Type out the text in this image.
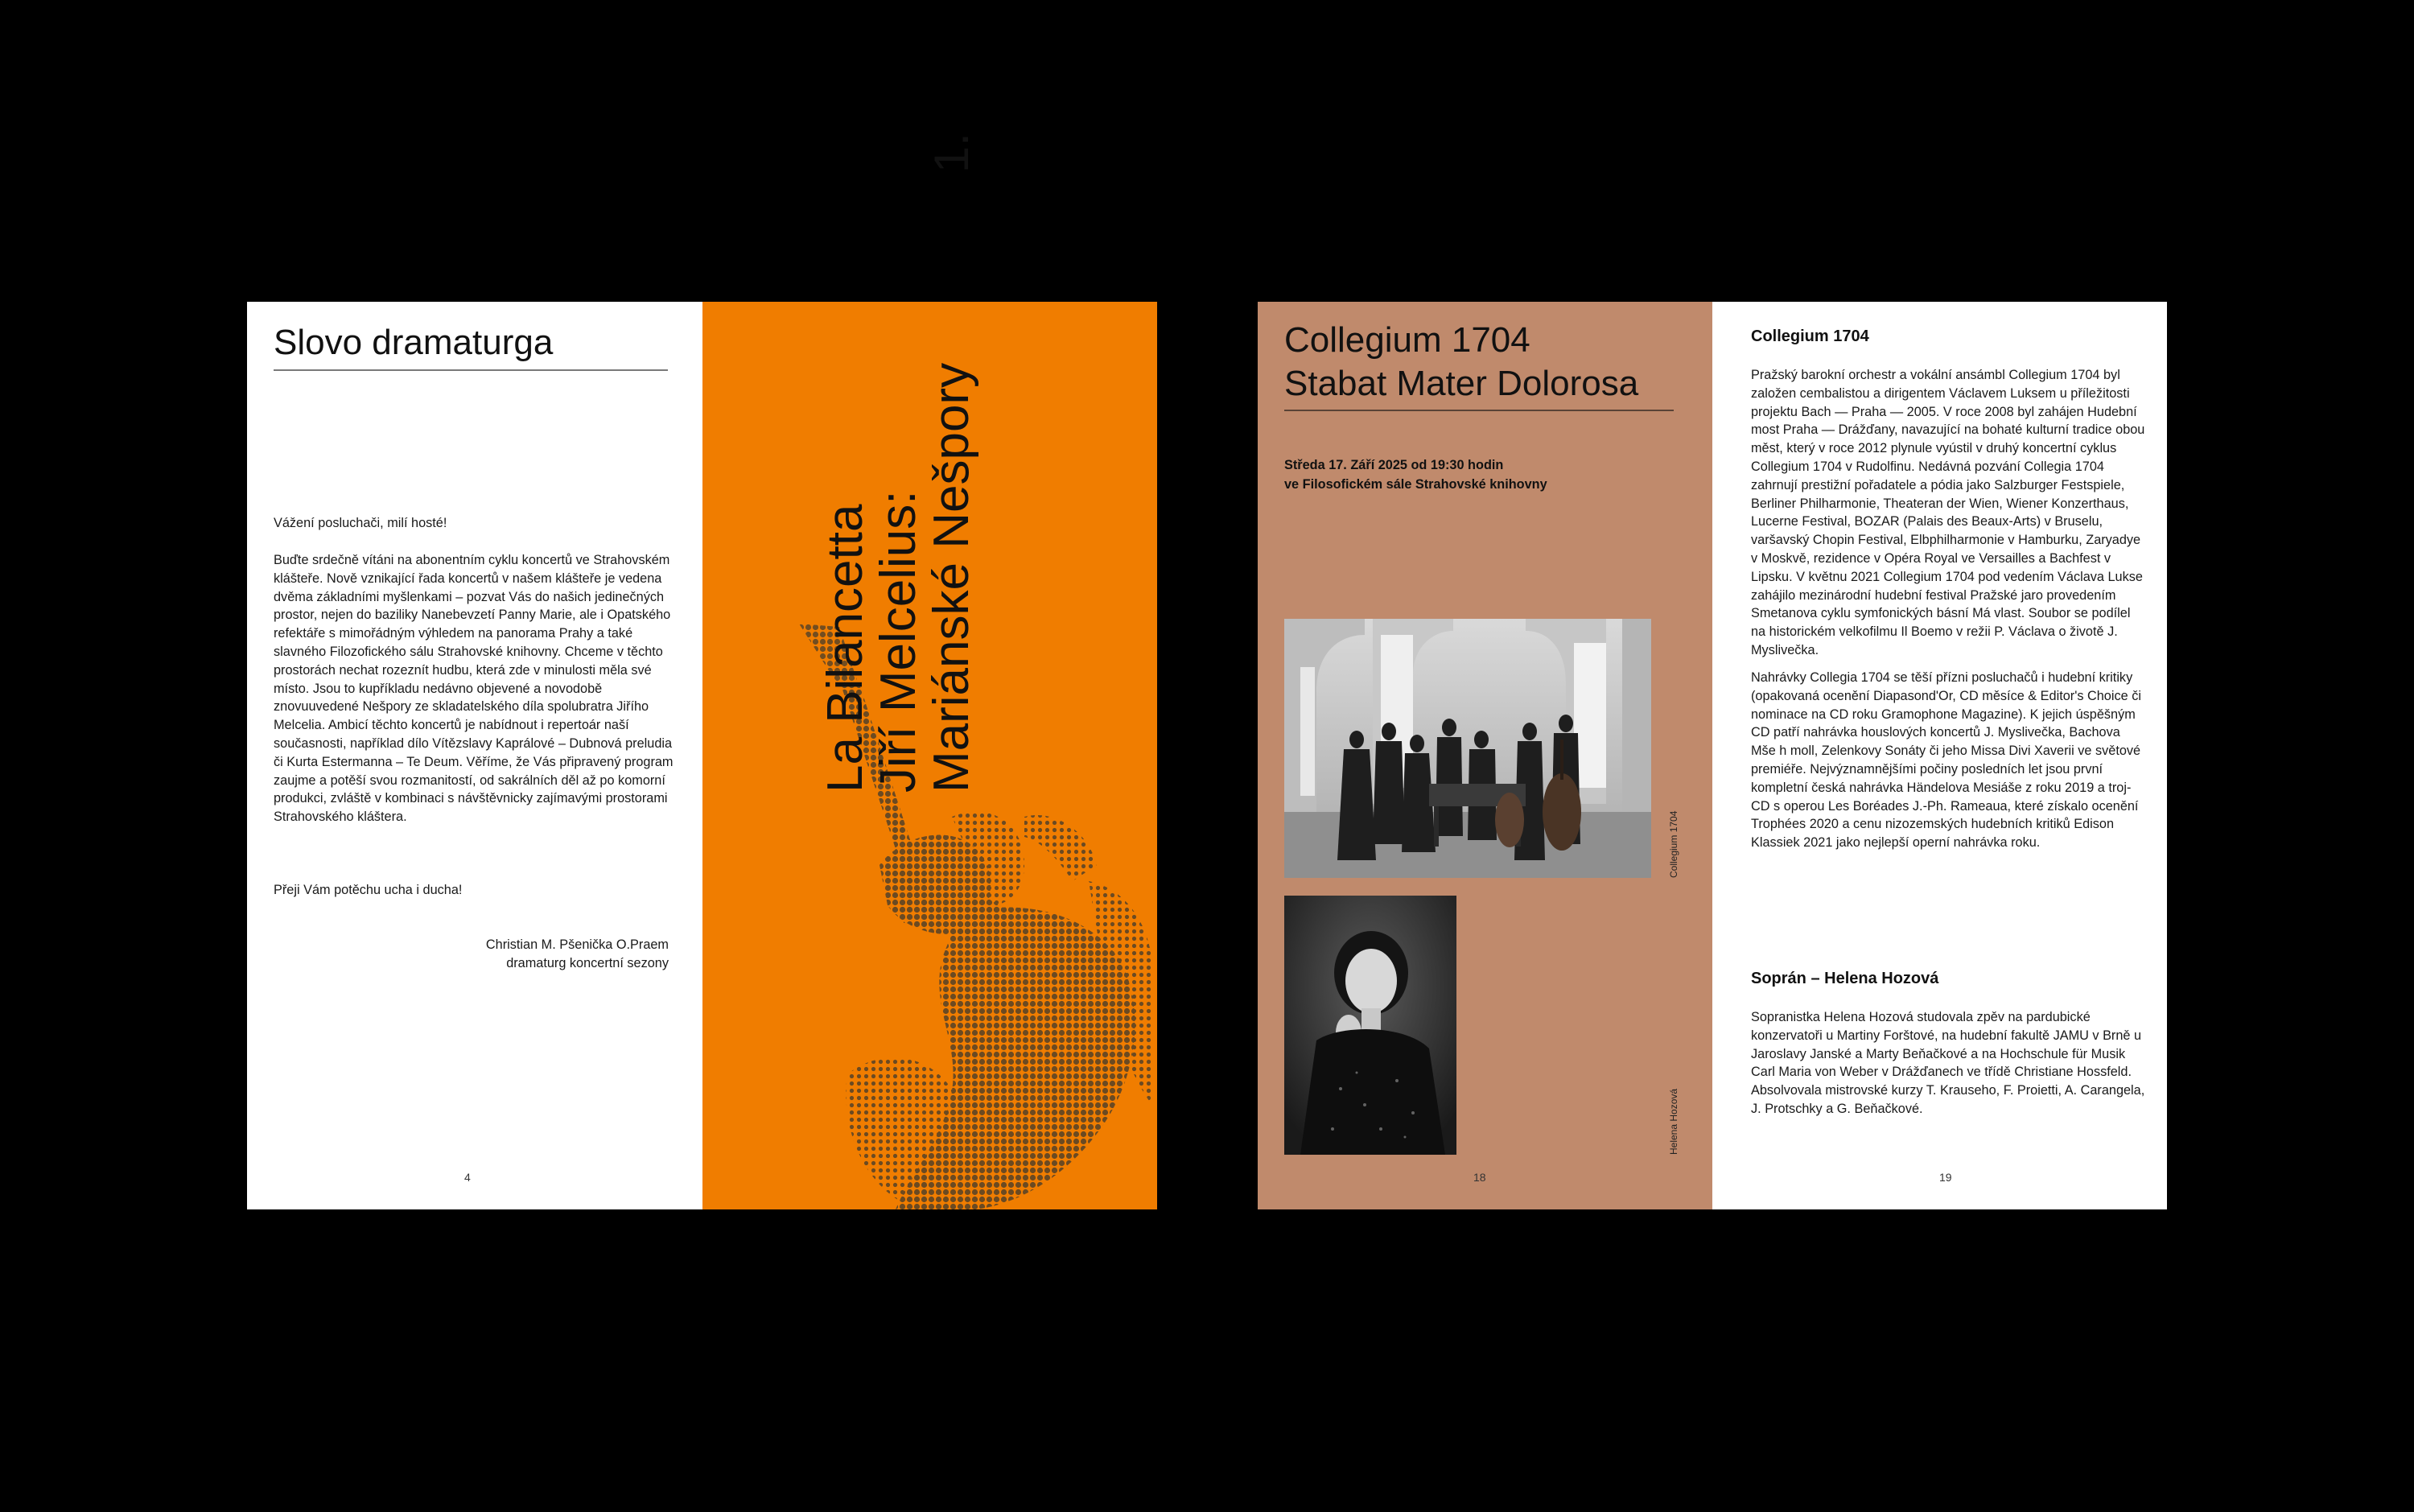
Slovo dramaturga

Vážení posluchači, milí hosté!

Buďte srdečně vítáni na abonentním cyklu koncertů ve Strahovském klášteře. Nově vznikající řada koncertů v našem klášteře je vedena dvěma základními myšlenkami – pozvat Vás do našich jedinečných prostor, nejen do baziliky Nanebevzetí Panny Marie, ale i Opatského refektáře s mimořádným výhledem na panorama Prahy a také slavného Filozofického sálu Strahovské knihovny. Chceme v těchto prostorách nechat rozeznít hudbu, která zde v minulosti měla své místo. Jsou to kupříkladu nedávno objevené a novodobě znovuuvedené Nešpory ze skladatelského díla spolubratra Jiřího Melcelia. Ambicí těchto koncertů je nabídnout i repertoár naší současnosti, například dílo Vítězslavy Kaprálové – Dubnová preludia či Kurta Estermanna – Te Deum. Věříme, že Vás připravený program zaujme a potěší svou rozmanitostí, od sakrálních děl až po komorní produkci, zvláště v kombinaci s návštěvnicky zajímavými prostorami Strahovského kláštera.

Přeji Vám potěchu ucha i ducha!

Christian M. Pšenička O.Praem
dramaturg koncertní sezony
4
La Bilancetta
Jiří Melcelius:
Mariánské Nešpory
1.
Collegium 1704
Stabat Mater Dolorosa
Středa 17. Září 2025 od 19:30 hodin
ve Filosofickém sále Strahovské knihovny
Collegium 1704
Helena Hozová
18
Collegium 1704

Pražský barokní orchestr a vokální ansámbl Collegium 1704 byl založen cembalistou a dirigentem Václavem Luksem u příležitosti projektu Bach — Praha — 2005. V roce 2008 byl zahájen Hudební most Praha — Drážďany, navazující na bohaté kulturní tradice obou měst, který v roce 2012 plynule vyústil v druhý koncertní cyklus Collegium 1704 v Rudolfinu. Nedávná pozvání Collegia 1704 zahrnují prestižní pořadatele a pódia jako Salzburger Festspiele, Berliner Philharmonie, Theateran der Wien, Wiener Konzerthaus, Lucerne Festival, BOZAR (Palais des Beaux-Arts) v Bruselu, varšavský Chopin Festival, Elbphilharmonie v Hamburku, Zaryadye v Moskvě, rezidence v Opéra Royal ve Versailles a Bachfest v Lipsku. V květnu 2021 Collegium 1704 pod vedením Václava Lukse zahájilo mezinárodní hudební festival Pražské jaro provedením Smetanova cyklu symfonických básní Má vlast. Soubor se podílel na historickém velkofilmu Il Boemo v režii P. Václava o životě J. Myslivečka.

Nahrávky Collegia 1704 se těší přízni posluchačů i hudební kritiky (opakovaná ocenění Diapasond'Or, CD měsíce & Editor's Choice či nominace na CD roku Gramophone Magazine). K jejich úspěšným CD patří nahrávka houslových koncertů J. Myslivečka, Bachova Mše h moll, Zelenkovy Sonáty či jeho Missa Divi Xaverii ve světové premiéře. Nejvýznamnějšími počiny posledních let jsou první kompletní česká nahrávka Händelova Mesiáše z roku 2019 a troj-CD s operou Les Boréades J.-Ph. Rameaua, které získalo ocenění Trophées 2020 a cenu nizozemských hudebních kritiků Edison Klassiek 2021 jako nejlepší operní nahrávka roku.

Soprán – Helena Hozová

Sopranistka Helena Hozová studovala zpěv na pardubické konzervatoři u Martiny Forštové, na hudební fakultě JAMU v Brně u Jaroslavy Janské a Marty Beňačkové a na Hochschule für Musik Carl Maria von Weber v Drážďanech ve třídě Christiane Hossfeld. Absolvovala mistrovské kurzy T. Krauseho, F. Proietti, A. Carangela, J. Protschky a G. Beňačkové.

19
